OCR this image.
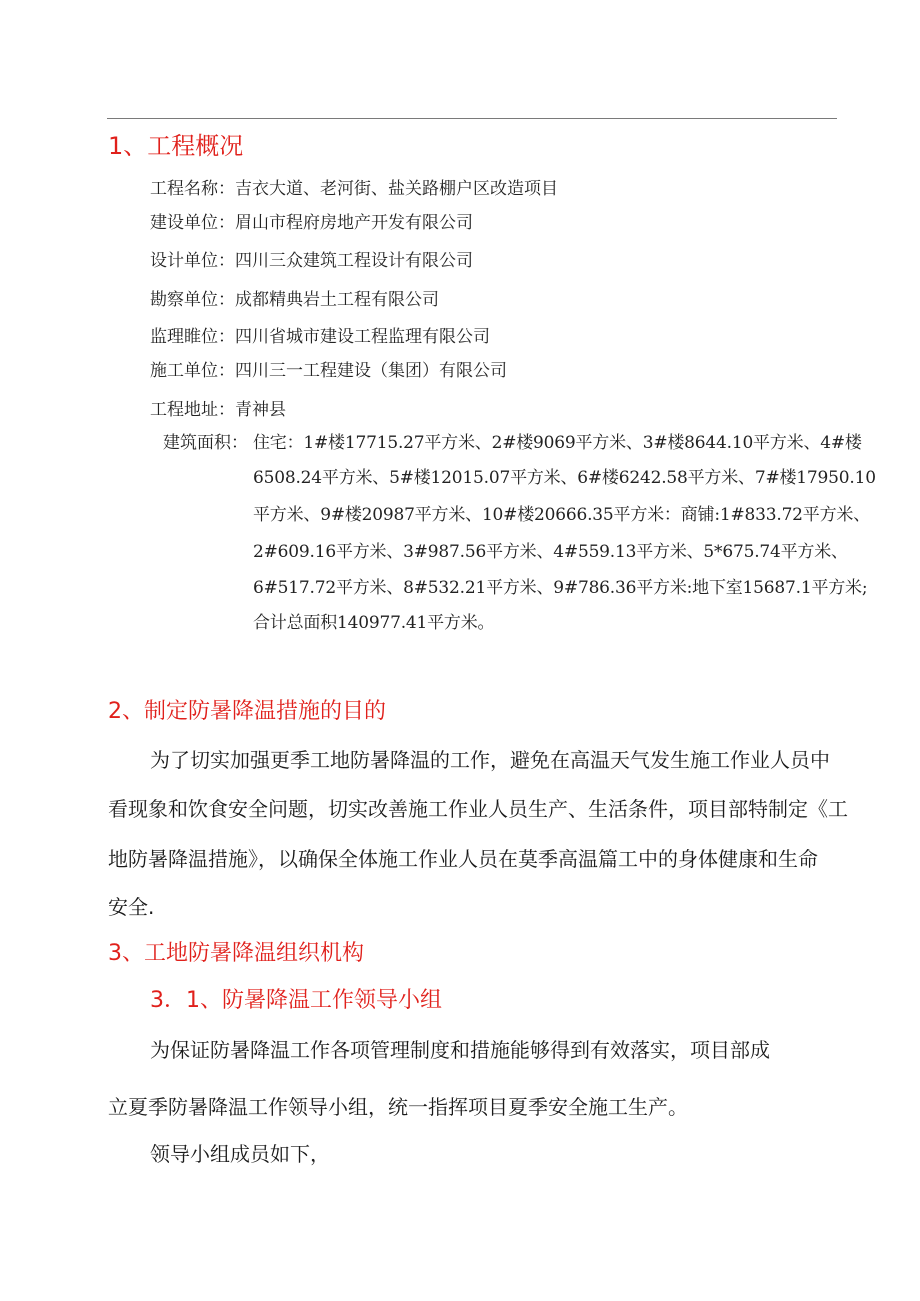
1、工程概况
工程名称：吉衣大道、老河街、盐关路棚户区改造项目
建设单位：眉山市程府房地产开发有限公司
设计单位：四川三众建筑工程设计有限公司
勘察单位：成都精典岩土工程有限公司
监理睢位：四川省城市建设工程监理有限公司
施工单位：四川三一工程建设（集团）有限公司
工程地址：青神县
建筑面积： 住宅：1#楼17715.27平方米、2#楼9069平方米、3#楼8644.10平方米、4#楼
6508.24平方米、5#楼12015.07平方米、6#楼6242.58平方米、7#楼17950.10
平方米、9#楼20987平方米、10#楼20666.35平方米：商铺:1#833.72平方米、
2#609.16平方米、3#987.56平方米、4#559.13平方米、5*675.74平方米、
6#517.72平方米、8#532.21平方米、9#786.36平方米:地下室15687.1平方米;
合计总面积140977.41平方米。
2、制定防暑降温措施的目的
为了切实加强更季工地防暑降温的工作，避免在高温天气发生施工作业人员中
看现象和饮食安全问题，切实改善施工作业人员生产、生活条件，项目部特制定《工
地防暑降温措施》，以确保全体施工作业人员在莫季高温篇工中的身体健康和生命
安全.
3、工地防暑降温组织机构
3．1、防暑降温工作领导小组
为保证防暑降温工作各项管理制度和措施能够得到有效落实，项目部成
立夏季防暑降温工作领导小组，统一指挥项目夏季安全施工生产。
领导小组成员如下，
